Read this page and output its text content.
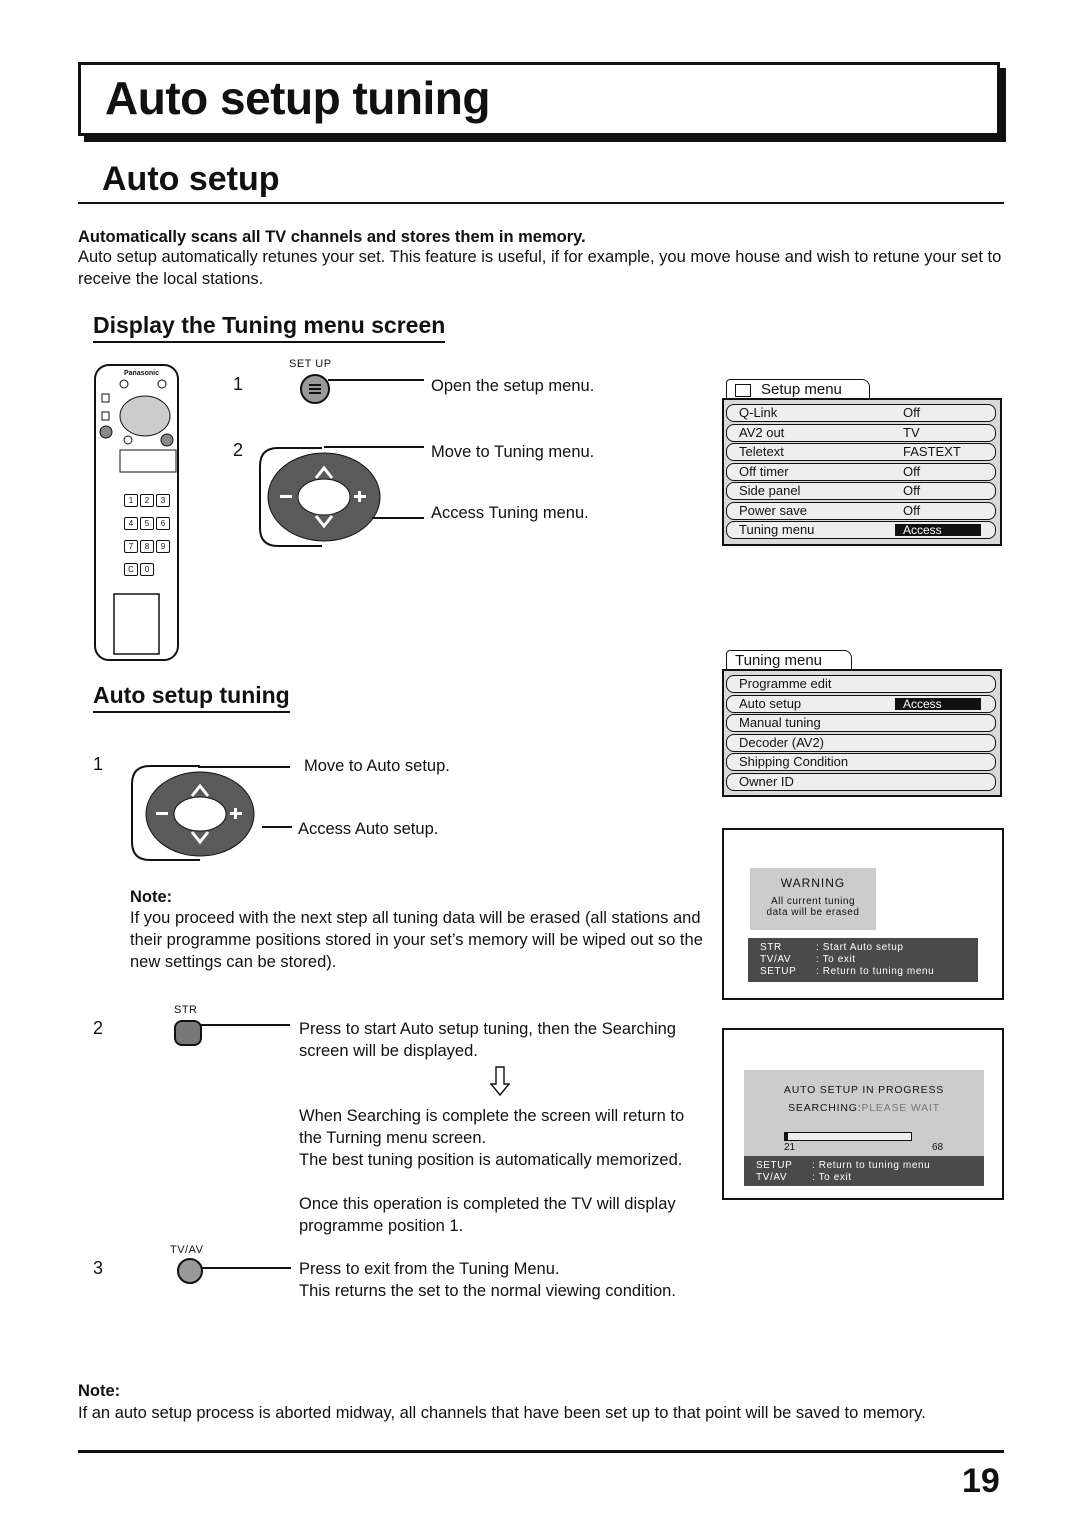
Auto setup tuning
Auto setup
Automatically scans all TV channels and stores them in memory.
Auto setup automatically retunes your set. This feature is useful, if for example, you move house and wish to retune your set to receive the local stations.
Display the Tuning menu screen
Panasonic
1 2 34 5 67 8 9C 0
SET UP
1	Open the setup menu.
2	Move to Tuning menu.
Access Tuning menu.
Setup menu
Q-Link	Off
AV2 out	TV
Teletext	FASTEXT
Off timer	Off
Side panel	Off
Power save	Off
Tuning menu	Access
Tuning menu
Programme edit
Auto setup	Access
Manual tuning
Decoder (AV2)
Shipping Condition
Owner ID
Auto setup tuning
1	Move to Auto setup.
Access Auto setup.
Note:
If you proceed with the next step all tuning data will be erased (all stations and their programme positions stored in your set’s memory will be wiped out so the new settings can be stored).
WARNING
All current tuning
data will be erased
STR	: Start Auto setup
TV/AV : To exit
SETUP : Return to tuning menu
2
STR
Press to start Auto setup tuning, then the Searching screen will be displayed.
When Searching is complete the screen will return to the Turning menu screen.
The best tuning position is automatically memorized.
Once this operation is completed the TV will display programme position 1.
AUTO SETUP IN PROGRESS
SEARCHING:PLEASE WAIT
21	68
SETUP : Return to tuning menu
TV/AV : To exit
3
TV/AV
Press to exit from the Tuning Menu.
This returns the set to the normal viewing condition.
Note:
If an auto setup process is aborted midway, all channels that have been set up to that point will be saved to memory.
19
